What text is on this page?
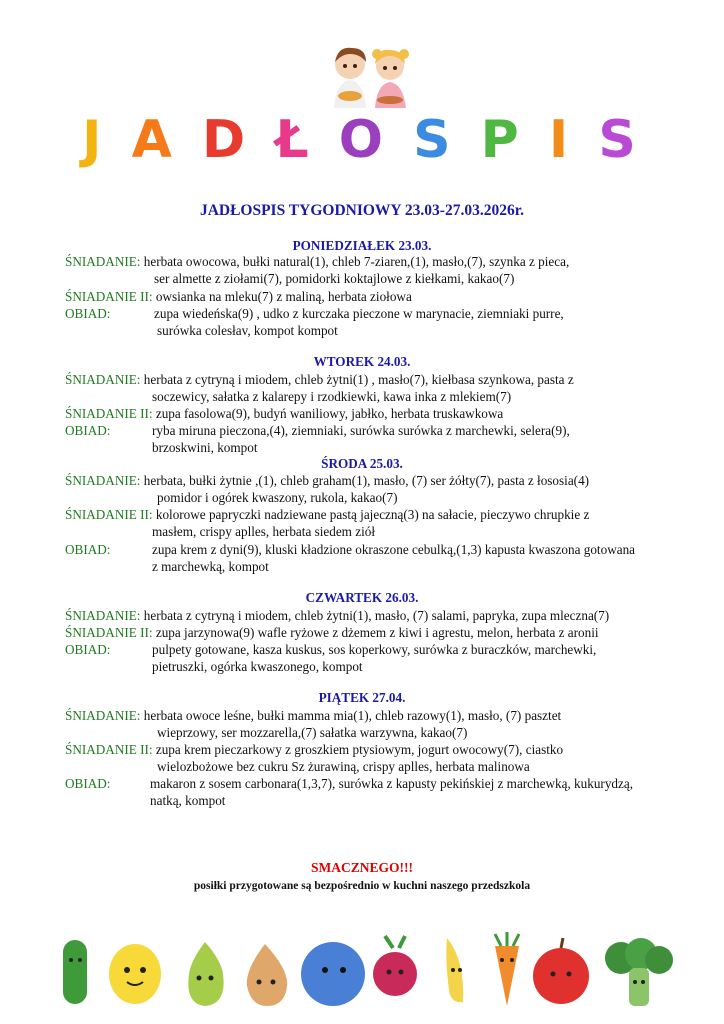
J A D Ł O S P I S
JADŁOSPIS TYGODNIOWY 23.03-27.03.2026r.
PONIEDZIAŁEK 23.03.
ŚNIADANIE: herbata owocowa, bułki natural(1), chleb 7-ziaren,(1), masło,(7), szynka z pieca,
ser almette z ziołami(7), pomidorki koktajlowe z kiełkami, kakao(7)
ŚNIADANIE II: owsianka na mleku(7) z maliną, herbata ziołowa
OBIAD:	zupa wiedeńska(9) , udko z kurczaka pieczone w marynacie, ziemniaki purre,
surówka colesłav, kompot kompot
WTOREK 24.03.
ŚNIADANIE: herbata z cytryną i miodem, chleb żytni(1) , masło(7), kiełbasa szynkowa, pasta z
soczewicy, sałatka z kalarepy i rzodkiewki, kawa inka z mlekiem(7)
ŚNIADANIE II: zupa fasolowa(9), budyń waniliowy, jabłko, herbata truskawkowa
OBIAD:	ryba miruna pieczona,(4), ziemniaki, surówka surówka z marchewki, selera(9),
brzoskwini, kompot
ŚRODA 25.03.
ŚNIADANIE: herbata, bułki żytnie ,(1), chleb graham(1), masło, (7) ser żółty(7), pasta z łososia(4)
pomidor i ogórek kwaszony, rukola, kakao(7)
ŚNIADANIE II: kolorowe papryczki nadziewane pastą jajeczną(3) na sałacie, pieczywo chrupkie z
masłem, crispy aplles, herbata siedem ziół
OBIAD:	zupa krem z dyni(9), kluski kładzione okraszone cebulką,(1,3) kapusta kwaszona gotowana
z marchewką, kompot
CZWARTEK 26.03.
ŚNIADANIE: herbata z cytryną i miodem, chleb żytni(1), masło, (7) salami, papryka, zupa mleczna(7)
ŚNIADANIE II: zupa jarzynowa(9) wafle ryżowe z dżemem z kiwi i agrestu, melon, herbata z aronii
OBIAD:	pulpety gotowane, kasza kuskus, sos koperkowy, surówka z buraczków, marchewki,
pietruszki, ogórka kwaszonego, kompot
PIĄTEK 27.04.
ŚNIADANIE: herbata owoce leśne, bułki mamma mia(1), chleb razowy(1), masło, (7) pasztet
wieprzowy, ser mozzarella,(7) sałatka warzywna, kakao(7)
ŚNIADANIE II: zupa krem pieczarkowy z groszkiem ptysiowym, jogurt owocowy(7), ciastko
wielozbożowe bez cukru Sz żurawiną, crispy aplles, herbata malinowa
OBIAD:	makaron z sosem carbonara(1,3,7), surówka z kapusty pekińskiej z marchewką, kukurydzą,
natką, kompot
SMACZNEGO!!!
posiłki przygotowane są bezpośrednio w kuchni naszego przedszkola
